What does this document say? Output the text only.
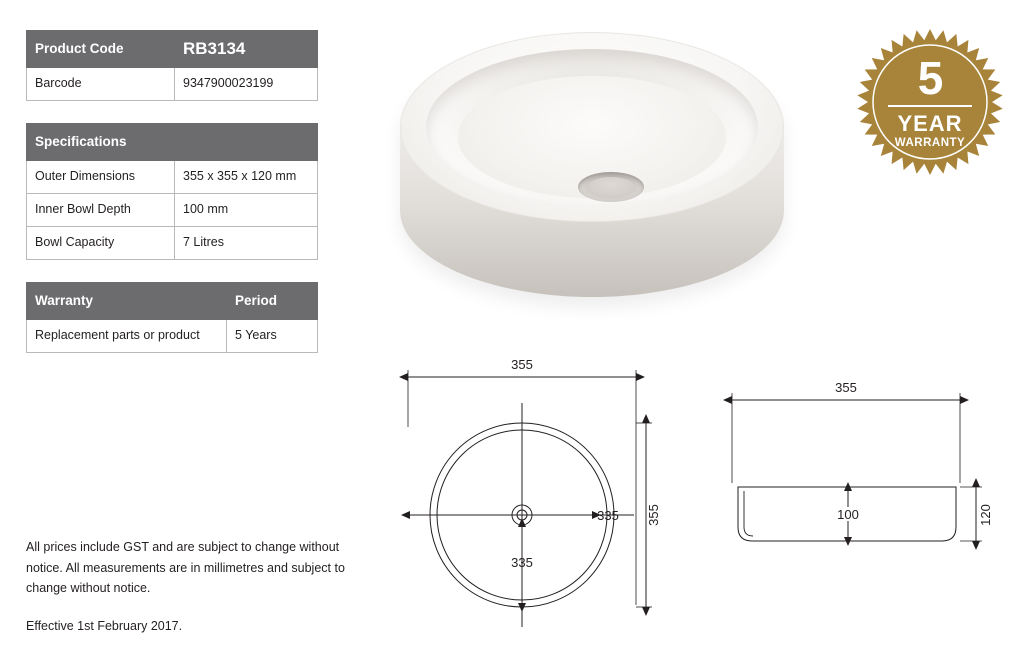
Product Code	RB3134
Barcode	9347900023199
Specifications	
Outer Dimensions	355 x 355 x 120 mm
Inner Bowl Depth	100 mm
Bowl Capacity	7 Litres
Warranty	Period
Replacement parts or product	5 Years

All prices include GST and are subject to change without notice. All measurements are in millimetres and subject to change without notice.

Effective 1st February 2017.

5
YEAR
WARRANTY
355
355
335
335
355
120
100
